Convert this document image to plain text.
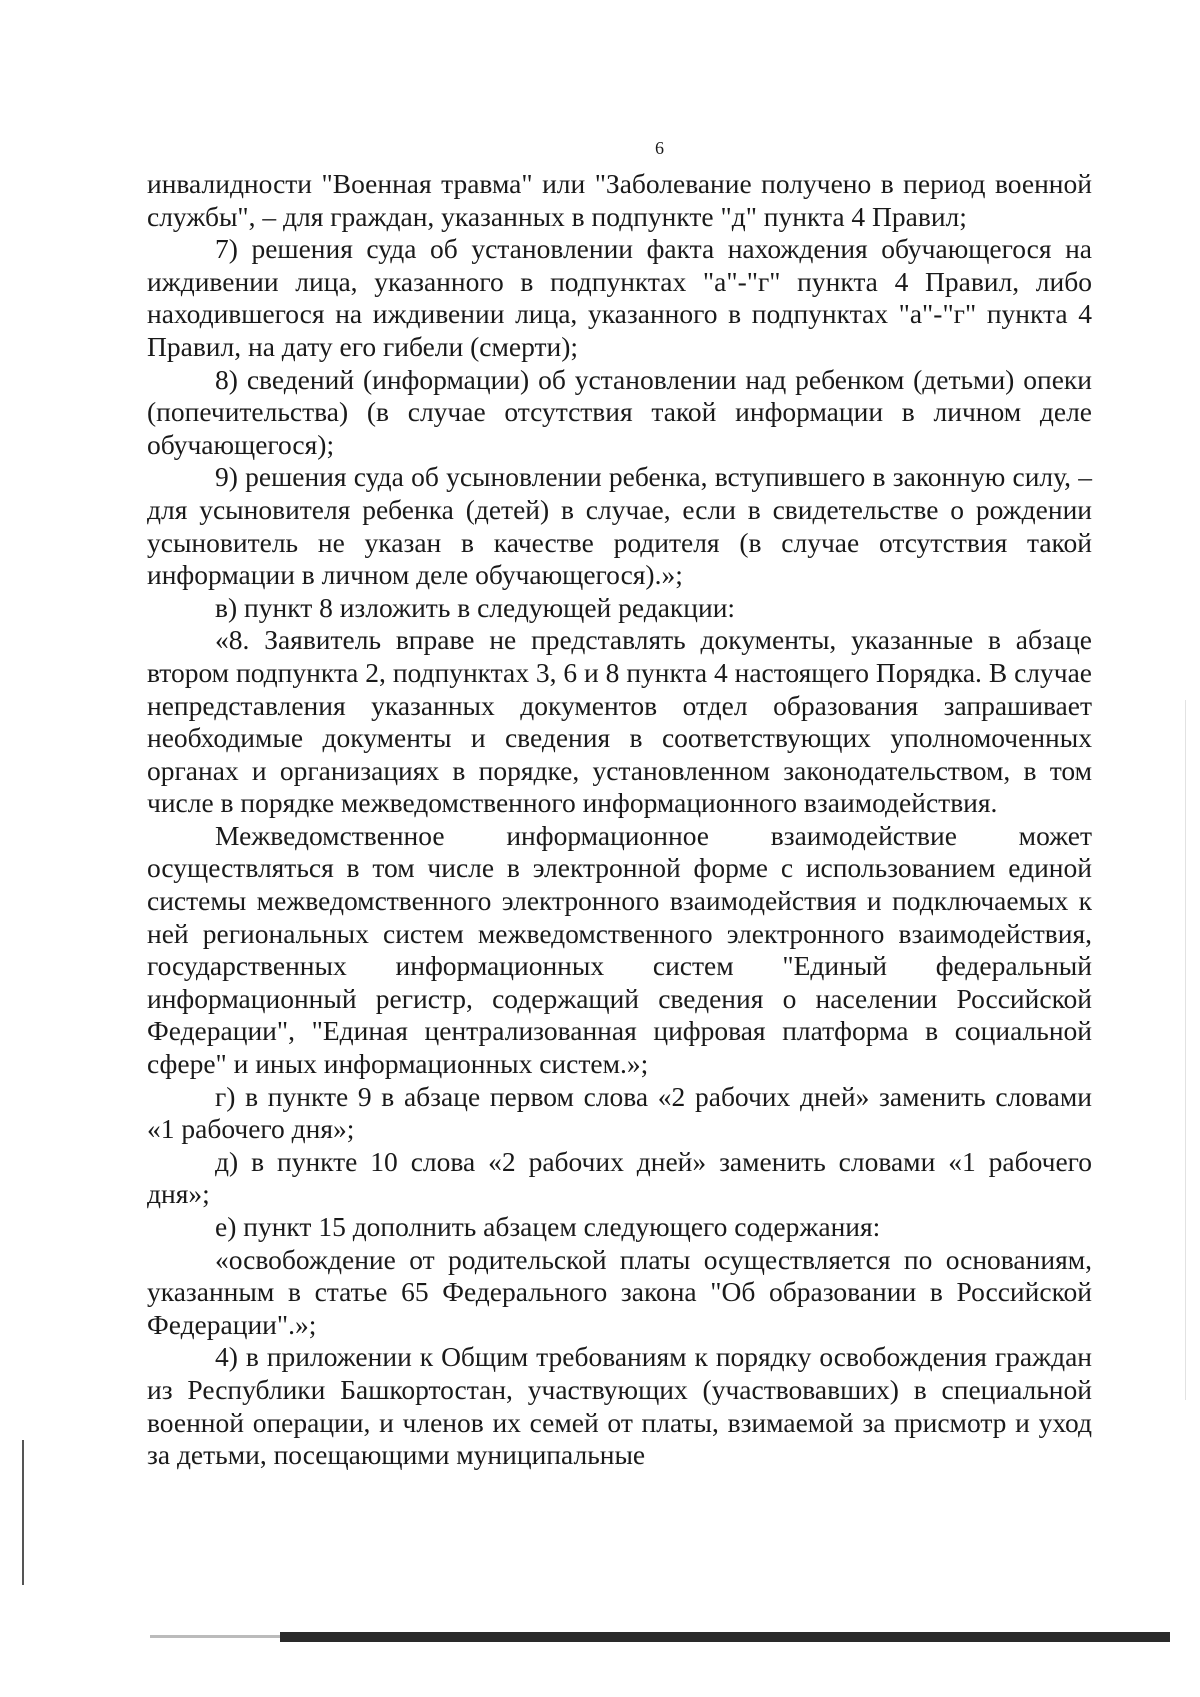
6

инвалидности "Военная травма" или "Заболевание получено в период военной службы", – для граждан, указанных в подпункте "д" пункта 4 Правил;

7) решения суда об установлении факта нахождения обучающегося на иждивении лица, указанного в подпунктах "а"-"г" пункта 4 Правил, либо находившегося на иждивении лица, указанного в подпунктах "а"-"г" пункта 4 Правил, на дату его гибели (смерти);

8) сведений (информации) об установлении над ребенком (детьми) опеки (попечительства) (в случае отсутствия такой информации в личном деле обучающегося);

9) решения суда об усыновлении ребенка, вступившего в законную силу, – для усыновителя ребенка (детей) в случае, если в свидетельстве о рождении усыновитель не указан в качестве родителя (в случае отсутствия такой информации в личном деле обучающегося).»;

в) пункт 8 изложить в следующей редакции:

«8. Заявитель вправе не представлять документы, указанные в абзаце втором подпункта 2, подпунктах 3, 6 и 8 пункта 4 настоящего Порядка. В случае непредставления указанных документов отдел образования запрашивает необходимые документы и сведения в соответствующих уполномоченных органах и организациях в порядке, установленном законодательством, в том числе в порядке межведомственного информационного взаимодействия.

Межведомственное информационное взаимодействие может осуществляться в том числе в электронной форме с использованием единой системы межведомственного электронного взаимодействия и подключаемых к ней региональных систем межведомственного электронного взаимодействия, государственных информационных систем "Единый федеральный информационный регистр, содержащий сведения о населении Российской Федерации", "Единая централизованная цифровая платформа в социальной сфере" и иных информационных систем.»;

г) в пункте 9 в абзаце первом слова «2 рабочих дней» заменить словами «1 рабочего дня»;

д) в пункте 10 слова «2 рабочих дней» заменить словами «1 рабочего дня»;

е) пункт 15 дополнить абзацем следующего содержания:

«освобождение от родительской платы осуществляется по основаниям, указанным в статье 65 Федерального закона "Об образовании в Российской Федерации".»;

4) в приложении к Общим требованиям к порядку освобождения граждан из Республики Башкортостан, участвующих (участвовавших) в специальной военной операции, и членов их семей от платы, взимаемой за присмотр и уход за детьми, посещающими муниципальные
